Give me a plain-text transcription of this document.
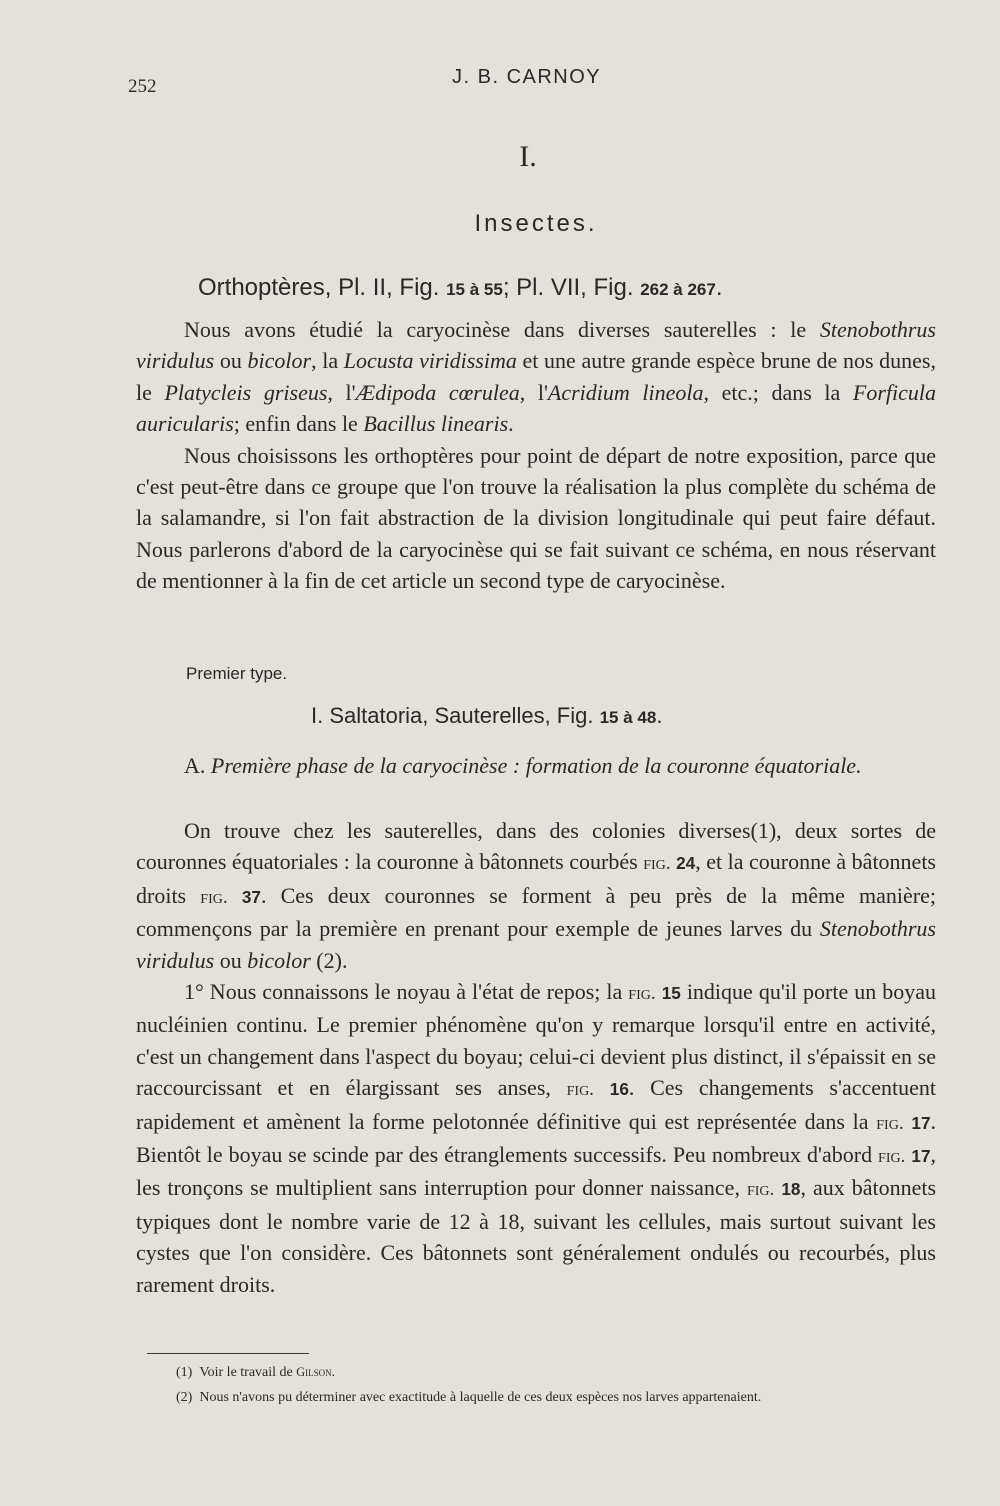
252	J. B. CARNOY
I.
Insectes.
Orthoptères, Pl. II, Fig. 15 à 55; Pl. VII, Fig. 262 à 267.

Nous avons étudié la caryocinèse dans diverses sauterelles : le Stenobothrus viridulus ou bicolor, la Locusta viridissima et une autre grande espèce brune de nos dunes, le Platycleis griseus, l'Ædipoda cœrulea, l'Acridium lineola, etc.; dans la Forficula auricularis; enfin dans le Bacillus linearis.

Nous choisissons les orthoptères pour point de départ de notre exposition, parce que c'est peut-être dans ce groupe que l'on trouve la réalisation la plus complète du schéma de la salamandre, si l'on fait abstraction de la division longitudinale qui peut faire défaut. Nous parlerons d'abord de la caryocinèse qui se fait suivant ce schéma, en nous réservant de mentionner à la fin de cet article un second type de caryocinèse.

Premier type.
I. Saltatoria, Sauterelles, Fig. 15 à 48.

A. Première phase de la caryocinèse : formation de la couronne équatoriale.

On trouve chez les sauterelles, dans des colonies diverses(1), deux sortes de couronnes équatoriales : la couronne à bâtonnets courbés fig. 24, et la couronne à bâtonnets droits fig. 37. Ces deux couronnes se forment à peu près de la même manière; commençons par la première en prenant pour exemple de jeunes larves du Stenobothrus viridulus ou bicolor (2).

1° Nous connaissons le noyau à l'état de repos; la fig. 15 indique qu'il porte un boyau nucléinien continu. Le premier phénomène qu'on y remarque lorsqu'il entre en activité, c'est un changement dans l'aspect du boyau; celui-ci devient plus distinct, il s'épaissit en se raccourcissant et en élargissant ses anses, fig. 16. Ces changements s'accentuent rapidement et amènent la forme pelotonnée définitive qui est représentée dans la fig. 17. Bientôt le boyau se scinde par des étranglements successifs. Peu nombreux d'abord fig. 17, les tronçons se multiplient sans interruption pour donner naissance, fig. 18, aux bâtonnets typiques dont le nombre varie de 12 à 18, suivant les cellules, mais surtout suivant les cystes que l'on considère. Ces bâtonnets sont généralement ondulés ou recourbés, plus rarement droits.

(1) Voir le travail de Gilson.
(2) Nous n'avons pu déterminer avec exactitude à laquelle de ces deux espèces nos larves appartenaient.
